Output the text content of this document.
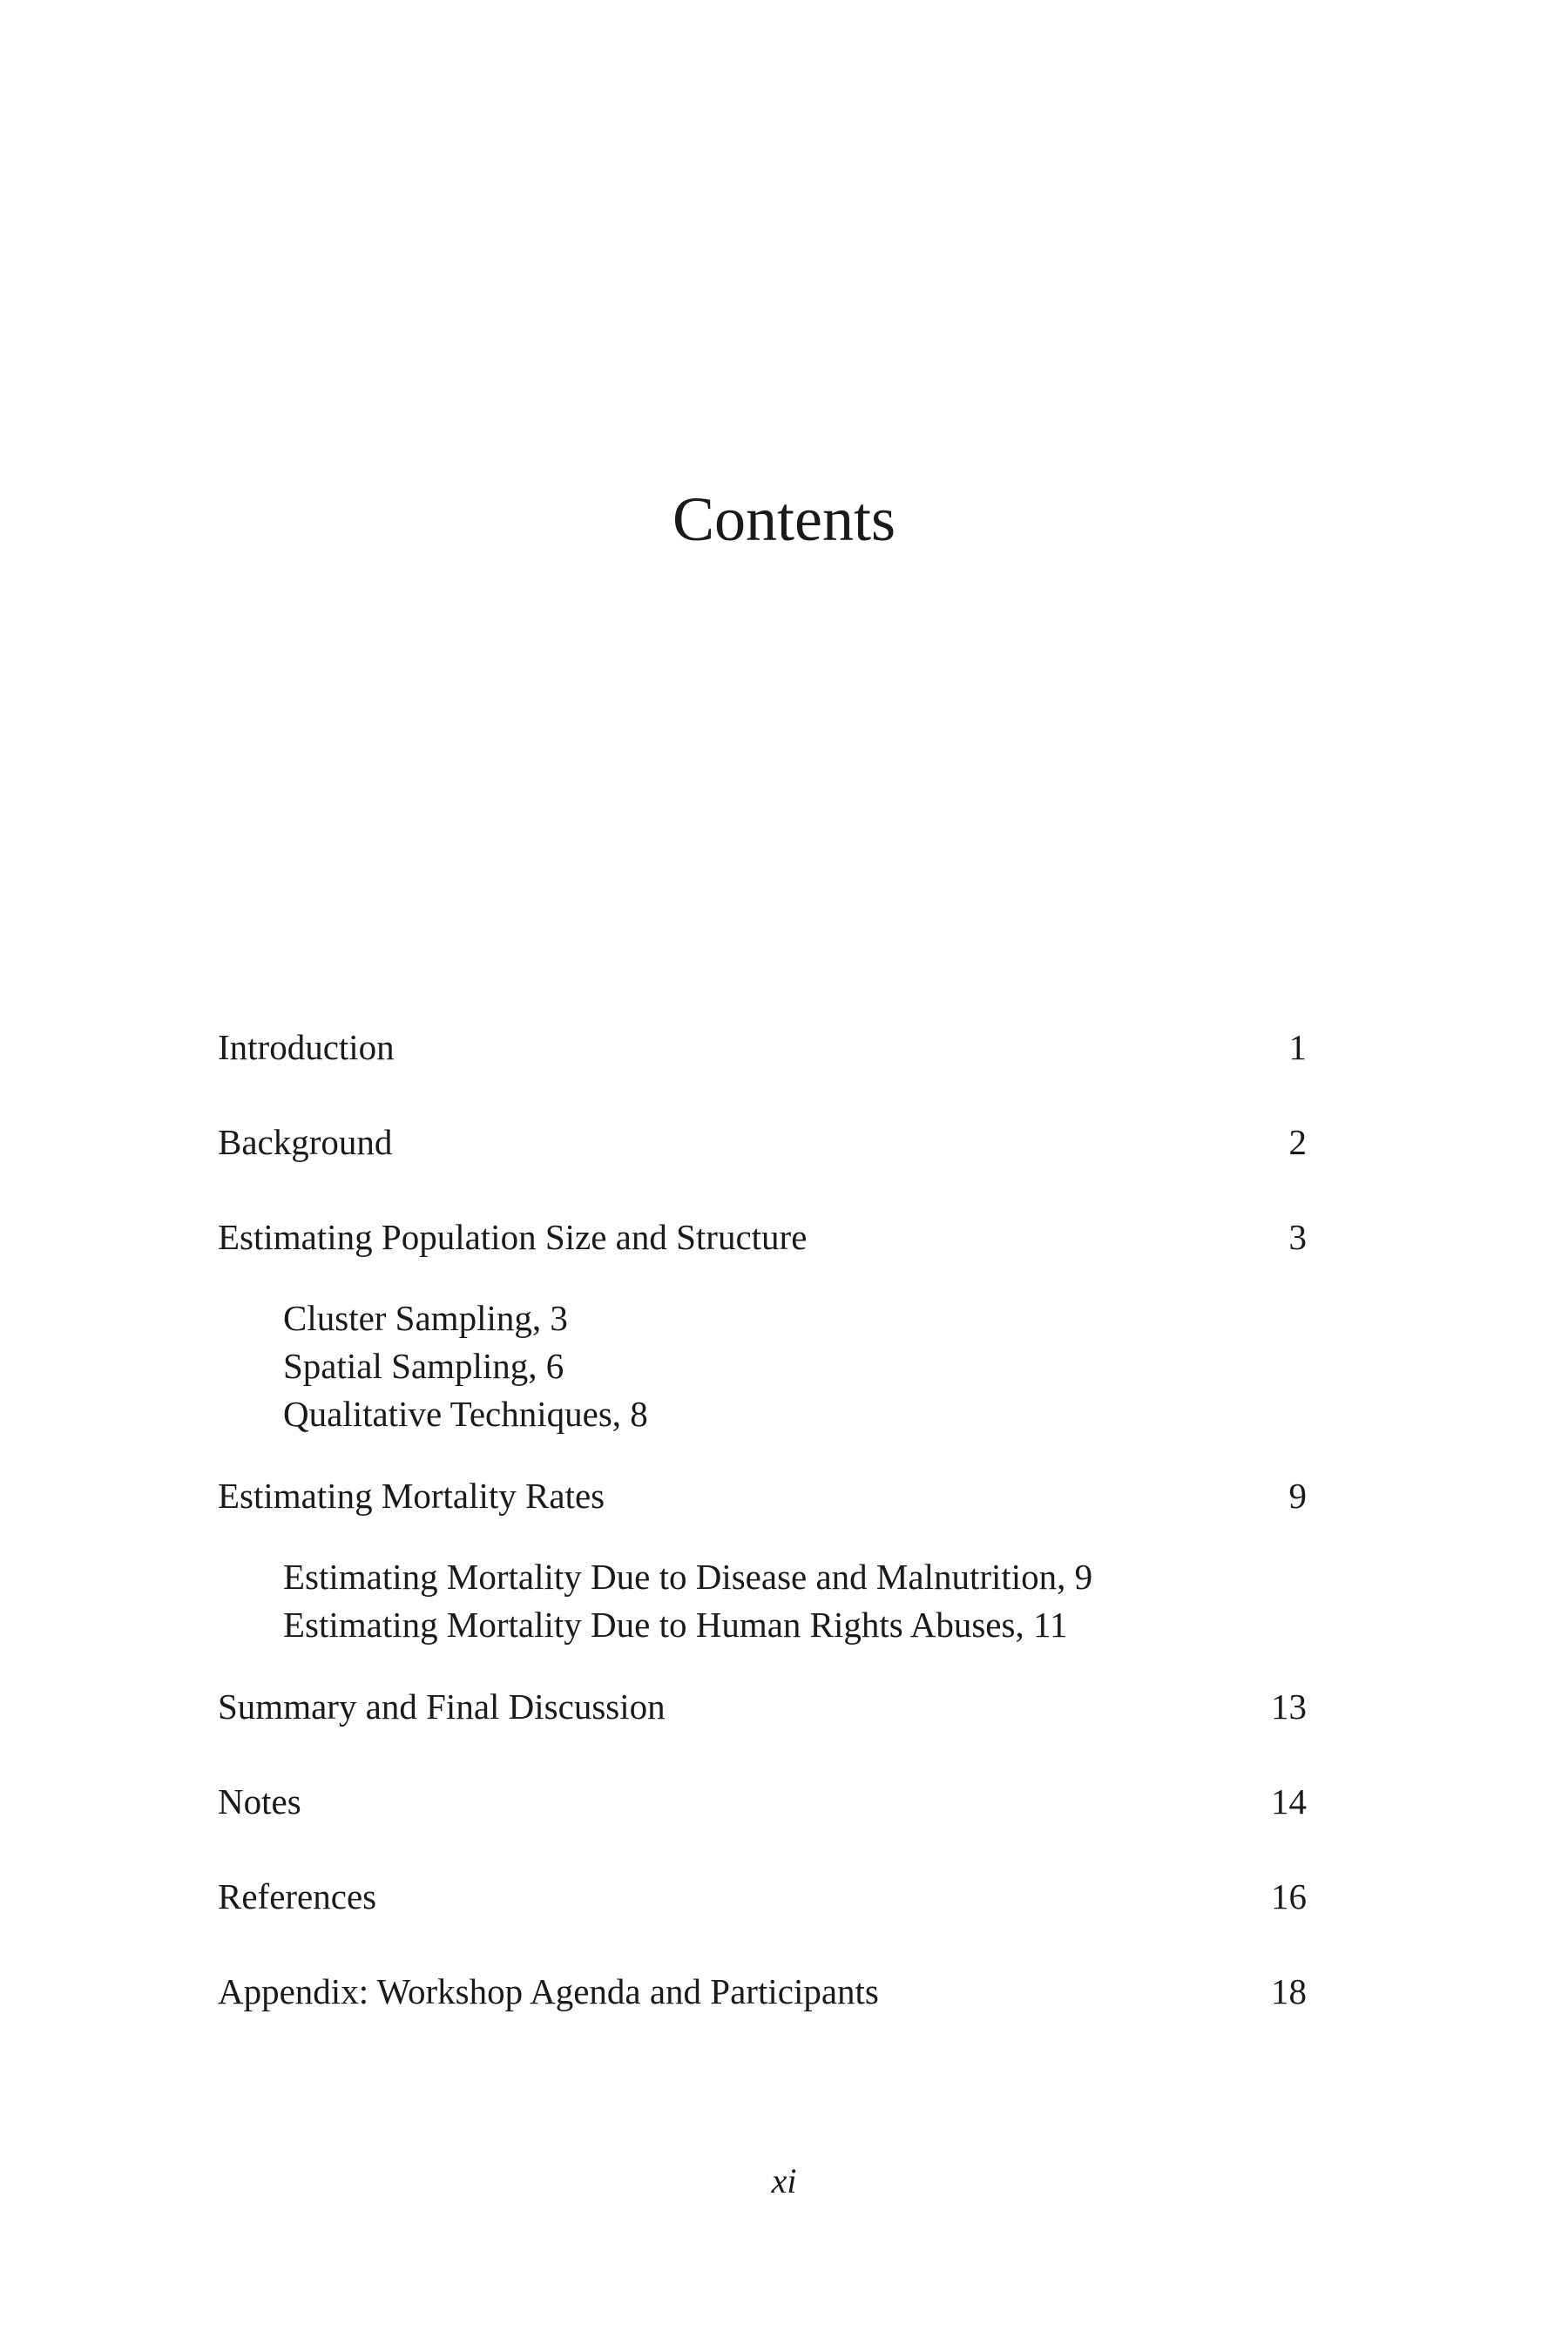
Contents
Introduction	1
Background	2
Estimating Population Size and Structure	3
Cluster Sampling, 3
Spatial Sampling, 6
Qualitative Techniques, 8
Estimating Mortality Rates	9
Estimating Mortality Due to Disease and Malnutrition, 9
Estimating Mortality Due to Human Rights Abuses, 11
Summary and Final Discussion	13
Notes	14
References	16
Appendix: Workshop Agenda and Participants	18
xi
